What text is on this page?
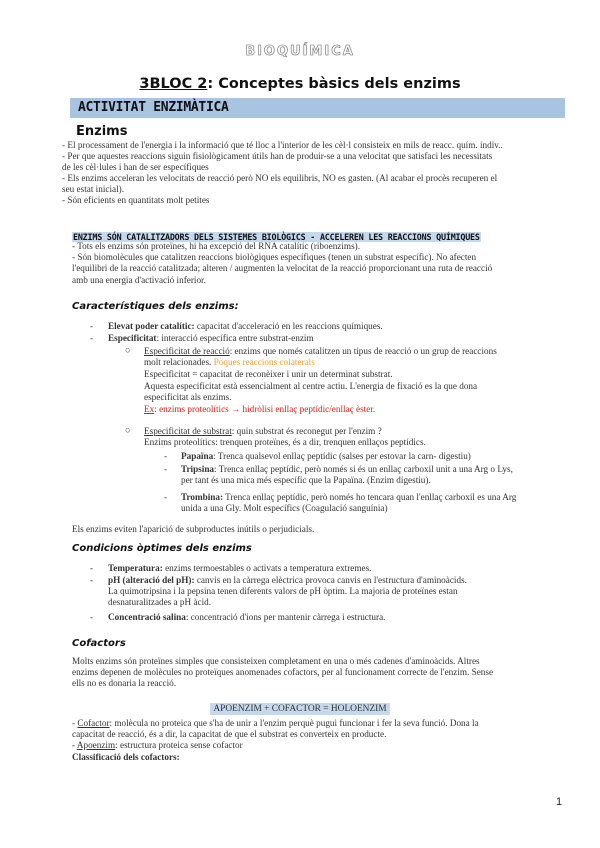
BIOQUÍMICA
3BLOC 2: Conceptes bàsics dels enzims
ACTIVITAT ENZIMÀTICA
Enzims
- El processament de l'energia i la informació que té lloc a l'interior de les cèl·l consisteix en mils de reacc. quím. indiv..
- Per que aquestes reaccions siguin fisiològicament útils han de produir-se a una velocitat que satisfaci les necessitats
de les cèl·lules i han de ser específiques
- Els enzims acceleran les velocitats de reacció però NO els equilibris, NO es gasten. (Al acabar el procès recuperen el
seu estat inicial).
- Són eficients en quantitats molt petites
ENZIMS SÓN CATALITZADORS DELS SISTEMES BIOLÒGICS - ACCELEREN LES REACCIONS QUÍMIQUES
- Tots els enzims són proteïnes, hi ha excepció del RNA catalític (riboenzims).
- Són biomolècules que catalitzen reaccions biològiques específiques (tenen un substrat específic). No afecten
l'equilibri de la reacció catalitzada; alteren / augmenten la velocitat de la reacció proporcionant una ruta de reacció
amb una energia d'activació inferior.
Característiques dels enzims:
- Elevat poder catalític: capacitat d'acceleració en les reaccions químiques.
- Especificitat: interacció específica entre substrat-enzim
○ Especificitat de reacció: enzims que només catalitzen un tipus de reacció o un grup de reaccions
molt relacionades. Poques reaccions colaterals
Especificitat = capacitat de reconèixer i unir un determinat substrat.
Aquesta especificitat està essencialment al centre actiu. L'energia de fixació es la que dona
especificitat als enzims.
Ex: enzims proteolítics → hidròlisi enllaç peptídic/enllaç èster.
○ Especificitat de substrat: quin substrat és reconegut per l'enzim ?
Enzims proteolítics: trenquen proteïnes, és a dir, trenquen enllaços peptídics.
- Papaïna: Trenca qualsevol enllaç peptídic (salses per estovar la carn- digestiu)
- Tripsina: Trenca enllaç peptídic, però només si és un enllaç carboxil unit a una Arg o Lys,
per tant és una mica més específic que la Papaïna. (Enzim digestiu).
- Trombina: Trenca enllaç peptídic, però només ho tencara quan l'enllaç carboxil es una Arg
unida a una Gly. Molt específics (Coagulació sanguínia)
Els enzims eviten l'aparició de subproductes inútils o perjudicials.
Condicions òptimes dels enzims
- Temperatura: enzims termoestables o activats a temperatura extremes.
- pH (alteració del pH): canvis en la càrrega elèctrica provoca canvis en l'estructura d'aminoàcids.
La quimotripsina i la pepsina tenen diferents valors de pH òptim. La majoria de proteïnes estan
desnaturalitzades a pH àcid.
- Concentració salina: concentració d'ions per mantenir càrrega i estructura.
Cofactors
Molts enzims són proteïnes simples que consisteixen completament en una o més cadenes d'aminoàcids. Altres
enzims depenen de molècules no proteïques anomenades cofactors, per al funcionament correcte de l'enzim. Sense
ells no es donaria la reacció.
APOENZIM + COFACTOR = HOLOENZIM
- Cofactor: molècula no proteica que s'ha de unir a l'enzim perquè pugui funcionar i fer la seva funció. Dona la
capacitat de reacció, és a dir, la capacitat de que el substrat es converteix en producte.
- Apoenzim: estructura proteica sense cofactor
Classificació dels cofactors:
1
